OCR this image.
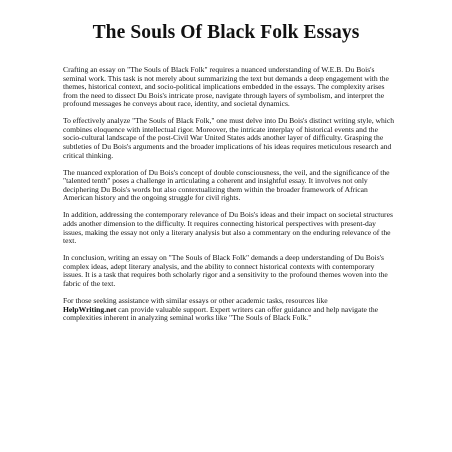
The Souls Of Black Folk Essays

Crafting an essay on "The Souls of Black Folk" requires a nuanced understanding of W.E.B. Du Bois's seminal work. This task is not merely about summarizing the text but demands a deep engagement with the themes, historical context, and socio-political implications embedded in the essays. The complexity arises from the need to dissect Du Bois's intricate prose, navigate through layers of symbolism, and interpret the profound messages he conveys about race, identity, and societal dynamics.

To effectively analyze "The Souls of Black Folk," one must delve into Du Bois's distinct writing style, which combines eloquence with intellectual rigor. Moreover, the intricate interplay of historical events and the socio-cultural landscape of the post-Civil War United States adds another layer of difficulty. Grasping the subtleties of Du Bois's arguments and the broader implications of his ideas requires meticulous research and critical thinking.

The nuanced exploration of Du Bois's concept of double consciousness, the veil, and the significance of the "talented tenth" poses a challenge in articulating a coherent and insightful essay. It involves not only deciphering Du Bois's words but also contextualizing them within the broader framework of African American history and the ongoing struggle for civil rights.

In addition, addressing the contemporary relevance of Du Bois's ideas and their impact on societal structures adds another dimension to the difficulty. It requires connecting historical perspectives with present-day issues, making the essay not only a literary analysis but also a commentary on the enduring relevance of the text.

In conclusion, writing an essay on "The Souls of Black Folk" demands a deep understanding of Du Bois's complex ideas, adept literary analysis, and the ability to connect historical contexts with contemporary issues. It is a task that requires both scholarly rigor and a sensitivity to the profound themes woven into the fabric of the text.

For those seeking assistance with similar essays or other academic tasks, resources like
HelpWriting.net can provide valuable support. Expert writers can offer guidance and help navigate the complexities inherent in analyzing seminal works like "The Souls of Black Folk."
